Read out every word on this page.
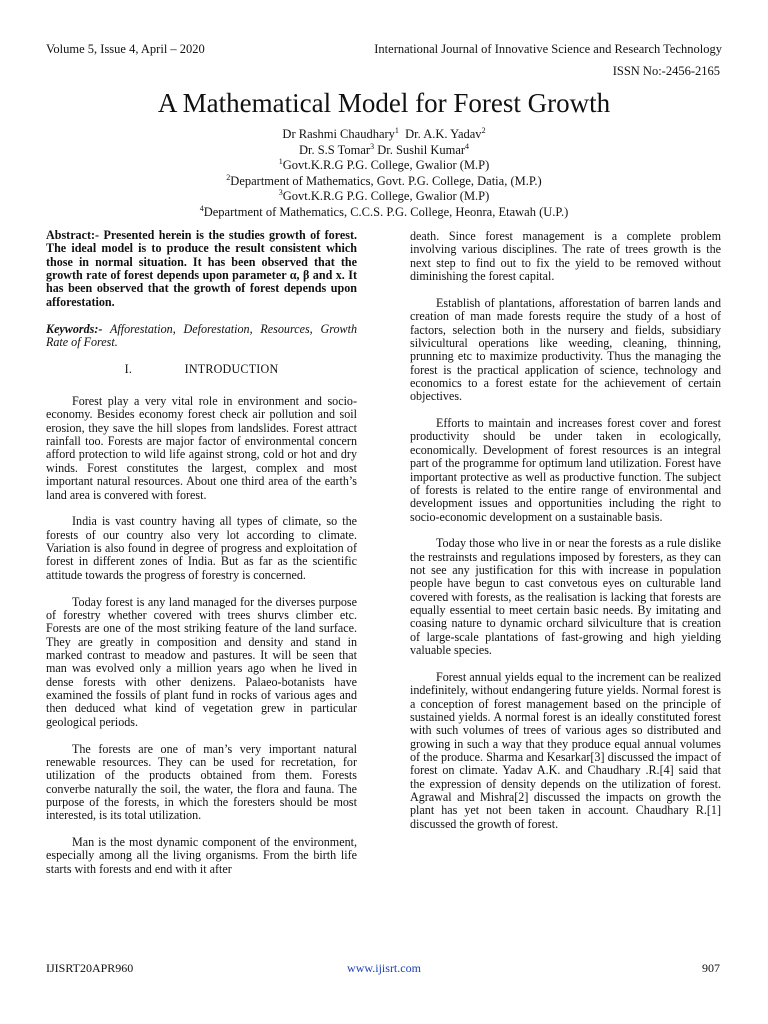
Volume 5, Issue 4, April – 2020	International Journal of Innovative Science and Research Technology
ISSN No:-2456-2165
A Mathematical Model for Forest Growth
Dr Rashmi Chaudhary$^1$  Dr. A.K. Yadav$^2$
Dr. S.S Tomar$^3$ Dr. Sushil Kumar$^4$
$^1$Govt.K.R.G P.G. College, Gwalior (M.P)
$^2$Department of Mathematics, Govt. P.G. College, Datia, (M.P.)
$^3$Govt.K.R.G P.G. College, Gwalior (M.P)
$^4$Department of Mathematics, C.C.S. P.G. College, Heonra, Etawah (U.P.)

Abstract:- Presented herein is the studies growth of forest. The ideal model is to produce the result consistent which those in normal situation. It has been observed that the growth rate of forest depends upon parameter α, β and x. It has been observed that the growth of forest depends upon afforestation.

Keywords:- Afforestation, Deforestation, Resources, Growth Rate of Forest.

I.	INTRODUCTION

Forest play a very vital role in environment and socio-economy. Besides economy forest check air pollution and soil erosion, they save the hill slopes from landslides. Forest attract rainfall too. Forests are major factor of environmental concern afford protection to wild life against strong, cold or hot and dry winds. Forest constitutes the largest, complex and most important natural resources. About one third area of the earth’s land area is convered with forest.

India is vast country having all types of climate, so the forests of our country also very lot according to climate. Variation is also found in degree of progress and exploitation of forest in different zones of India. But as far as the scientific attitude towards the progress of forestry is concerned.

Today forest is any land managed for the diverses purpose of forestry whether covered with trees shurvs climber etc. Forests are one of the most striking feature of the land surface. They are greatly in composition and density and stand in marked contrast to meadow and pastures. It will be seen that man was evolved only a million years ago when he lived in dense forests with other denizens. Palaeo-botanists have examined the fossils of plant fund in rocks of various ages and then deduced what kind of vegetation grew in particular geological periods.

The forests are one of man’s very important natural renewable resources. They can be used for recretation, for utilization of the products obtained from them. Forests converbe naturally the soil, the water, the flora and fauna. The purpose of the forests, in which the foresters should be most interested, is its total utilization.

Man is the most dynamic component of the environment, especially among all the living organisms. From the birth life starts with forests and end with it after

death. Since forest management is a complete problem involving various disciplines. The rate of trees growth is the next step to find out to fix the yield to be removed without diminishing the forest capital.

Establish of plantations, afforestation of barren lands and creation of man made forests require the study of a host of factors, selection both in the nursery and fields, subsidiary silvicultural operations like weeding, cleaning, thinning, prunning etc to maximize productivity. Thus the managing the forest is the practical application of science, technology and economics to a forest estate for the achievement of certain objectives.

Efforts to maintain and increases forest cover and forest productivity should be under taken in ecologically, economically. Development of forest resources is an integral part of the programme for optimum land utilization. Forest have important protective as well as productive function. The subject of forests is related to the entire range of environmental and development issues and opportunities including the right to socio-economic development on a sustainable basis.

Today those who live in or near the forests as a rule dislike the restrainsts and regulations imposed by foresters, as they can not see any justification for this with increase in population people have begun to cast convetous eyes on culturable land covered with forests, as the realisation is lacking that forests are equally essential to meet certain basic needs. By imitating and coasing nature to dynamic orchard silviculture that is creation of large-scale plantations of fast-growing and high yielding valuable species.

Forest annual yields equal to the increment can be realized indefinitely, without endangering future yields. Normal forest is a conception of forest management based on the principle of sustained yields. A normal forest is an ideally constituted forest with such volumes of trees of various ages so distributed and growing in such a way that they produce equal annual volumes of the produce. Sharma and Kesarkar[3] discussed the impact of forest on climate. Yadav A.K. and Chaudhary .R.[4] said that the expression of density depends on the utilization of forest. Agrawal and Mishra[2] discussed the impacts on growth the plant has yet not been taken in account. Chaudhary R.[1] discussed the growth of forest.

IJISRT20APR960	www.ijisrt.com	907
